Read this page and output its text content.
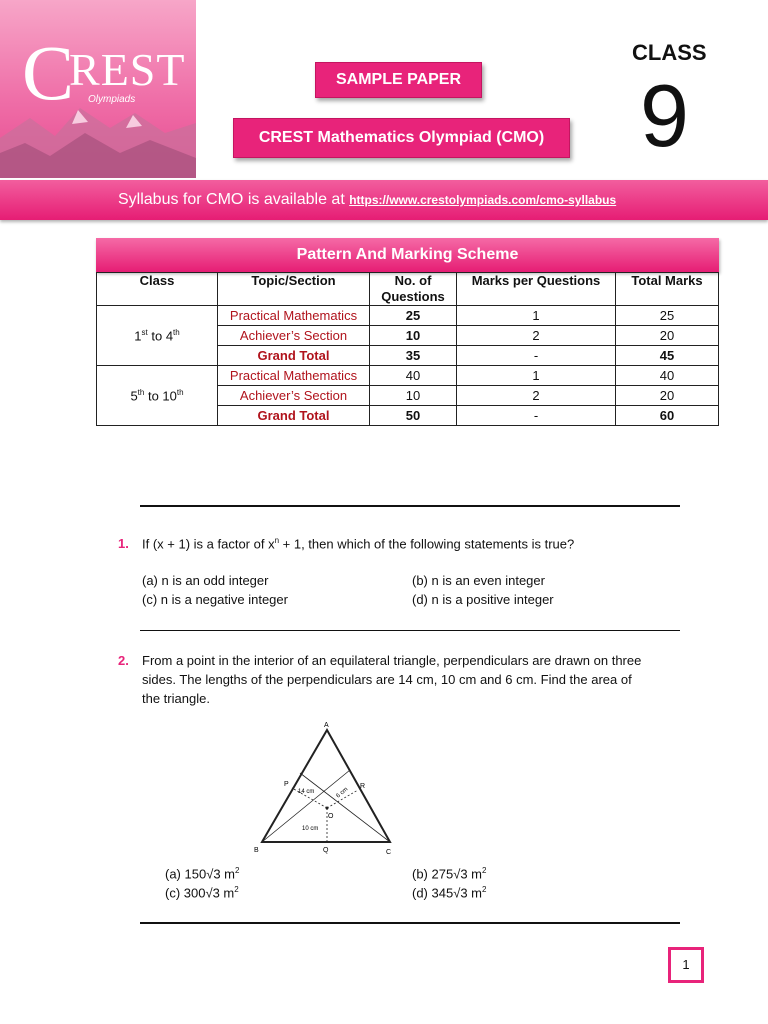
CREST
Olympiads
SAMPLE PAPER
CREST Mathematics Olympiad (CMO)
CLASS
9
Syllabus for CMO is available at https://www.crestolympiads.com/cmo-syllabus
Pattern And Marking Scheme
Class	Topic/Section	No. of Questions	Marks per Questions	Total Marks
1st to 4th	Practical Mathematics	25	1	25
	Achiever’s Section	10	2	20
	Grand Total	35	-	45
5th to 10th	Practical Mathematics	40	1	40
	Achiever’s Section	10	2	20
	Grand Total	50	-	60
1. If (x + 1) is a factor of $x^n + 1$, then which of the following statements is true?
(a) n is an odd integer	(b) n is an even integer
(c) n is a negative integer	(d) n is a positive integer
2. From a point in the interior of an equilateral triangle, perpendiculars are drawn on three
sides. The lengths of the perpendiculars are 14 cm, 10 cm and 6 cm. Find the area of
the triangle.
A
B	C
P
Q
R
O
14 cm	6 cm
10 cm
(a) 150√3 $m^2$	(b) 275√3 $m^2$
(c) 300√3 $m^2$	(d) 345√3 $m^2$
1
